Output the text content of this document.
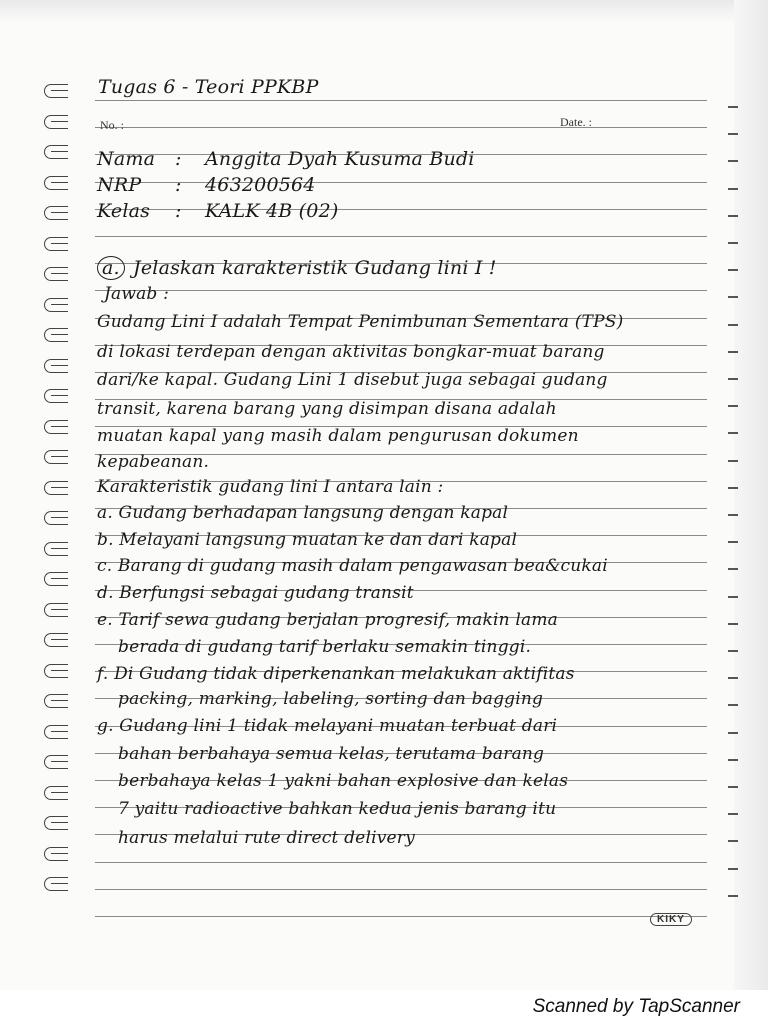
Tugas 6 - Teori PPKBP
No. :	Date. :
Nama : Anggita Dyah Kusuma Budi
NRP : 463200564
Kelas : KALK 4B (02)
a. Jelaskan karakteristik Gudang lini I !
Jawab :
Gudang Lini I adalah Tempat Penimbunan Sementara (TPS)
di lokasi terdepan dengan aktivitas bongkar-muat barang
dari/ke kapal. Gudang Lini 1 disebut juga sebagai gudang
transit, karena barang yang disimpan disana adalah
muatan kapal yang masih dalam pengurusan dokumen
kepabeanan.
Karakteristik gudang lini I antara lain :
a. Gudang berhadapan langsung dengan kapal
b. Melayani langsung muatan ke dan dari kapal
c. Barang di gudang masih dalam pengawasan bea&cukai
d. Berfungsi sebagai gudang transit
e. Tarif sewa gudang berjalan progresif, makin lama
berada di gudang tarif berlaku semakin tinggi.
f. Di Gudang tidak diperkenankan melakukan aktifitas
packing, marking, labeling, sorting dan bagging
g. Gudang lini 1 tidak melayani muatan terbuat dari
bahan berbahaya semua kelas, terutama barang
berbahaya kelas 1 yakni bahan explosive dan kelas
7 yaitu radioactive bahkan kedua jenis barang itu
harus melalui rute direct delivery
KIKY
Scanned by TapScanner
